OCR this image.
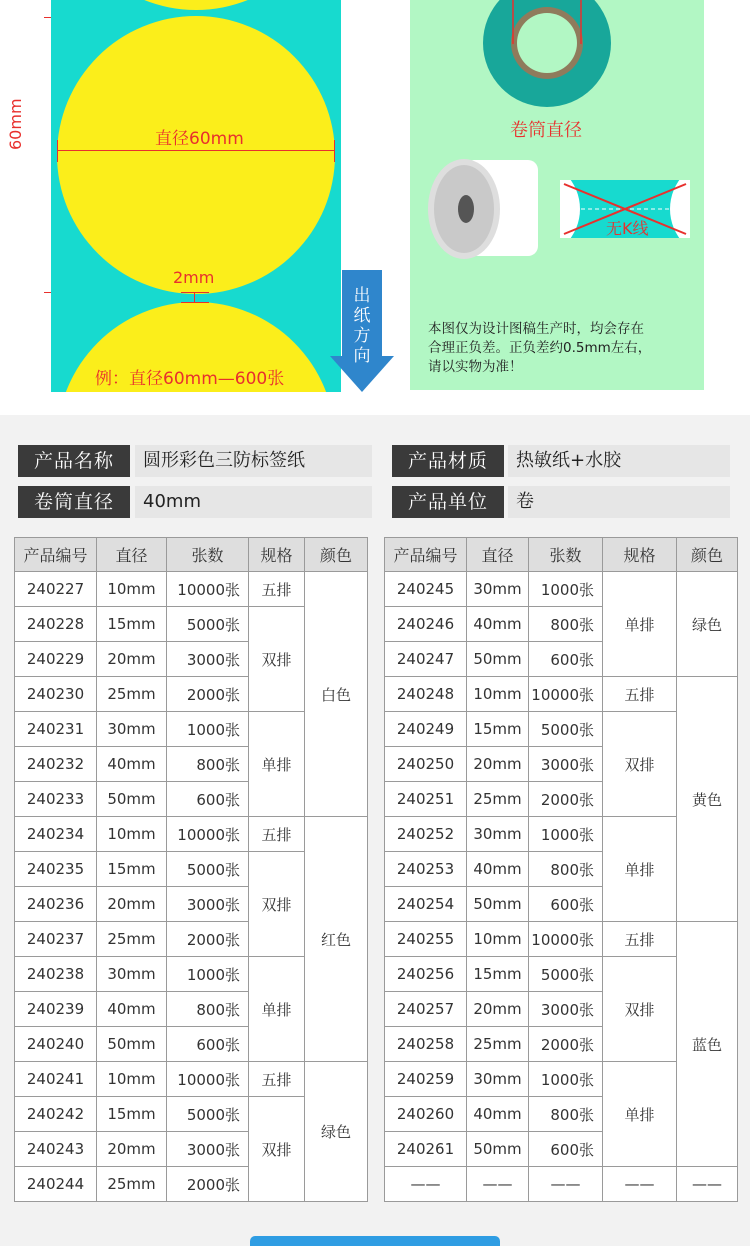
60mm	直径60mm
2mm
例：直径60mm—600张
出
纸
方
向
卷筒直径
无K线
本图仅为设计图稿生产时，均会存在
合理正负差。正负差约0.5mm左右，
请以实物为准！
产品名称	圆形彩色三防标签纸	产品材质	热敏纸+水胶
卷筒直径	40mm	产品单位	卷
产品编号	直径	张数	规格	颜色
240227	10mm	10000张	五排	白色
240228	15mm	5000张	双排	
240229	20mm	3000张		
240230	25mm	2000张		
240231	30mm	1000张	单排	
240232	40mm	800张		
240233	50mm	600张		
240234	10mm	10000张	五排	红色
240235	15mm	5000张	双排	
240236	20mm	3000张		
240237	25mm	2000张		
240238	30mm	1000张	单排	
240239	40mm	800张		
240240	50mm	600张		
240241	10mm	10000张	五排	绿色
240242	15mm	5000张	双排	
240243	20mm	3000张		
240244	25mm	2000张		
产品编号	直径	张数	规格	颜色
240245	30mm	1000张	单排	绿色
240246	40mm	800张		
240247	50mm	600张		
240248	10mm	10000张	五排	黄色
240249	15mm	5000张	双排	
240250	20mm	3000张		
240251	25mm	2000张		
240252	30mm	1000张	单排	
240253	40mm	800张		
240254	50mm	600张		
240255	10mm	10000张	五排	蓝色
240256	15mm	5000张	双排	
240257	20mm	3000张		
240258	25mm	2000张		
240259	30mm	1000张	单排	
240260	40mm	800张		
240261	50mm	600张		
——	——	——	——	——
